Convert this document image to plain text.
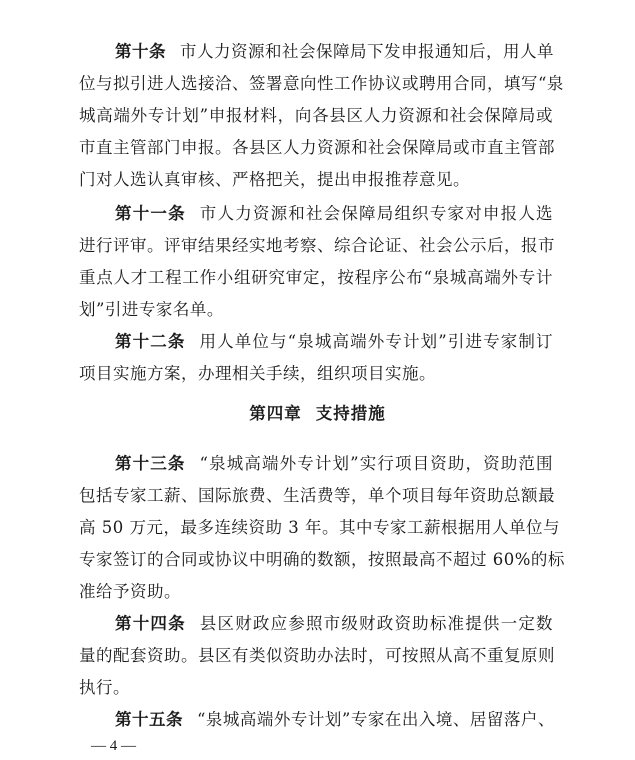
第十条 市人力资源和社会保障局下发申报通知后，用人单
位与拟引进人选接洽、签署意向性工作协议或聘用合同，填写“泉
城高端外专计划”申报材料，向各县区人力资源和社会保障局或
市直主管部门申报。各县区人力资源和社会保障局或市直主管部
门对人选认真审核、严格把关，提出申报推荐意见。
第十一条 市人力资源和社会保障局组织专家对申报人选
进行评审。评审结果经实地考察、综合论证、社会公示后，报市
重点人才工程工作小组研究审定，按程序公布“泉城高端外专计
划”引进专家名单。
第十二条 用人单位与“泉城高端外专计划”引进专家制订
项目实施方案，办理相关手续，组织项目实施。
第四章 支持措施
第十三条 “泉城高端外专计划”实行项目资助，资助范围
包括专家工薪、国际旅费、生活费等，单个项目每年资助总额最
高 50 万元，最多连续资助 3 年。其中专家工薪根据用人单位与
专家签订的合同或协议中明确的数额，按照最高不超过 60%的标
准给予资助。
第十四条 县区财政应参照市级财政资助标准提供一定数
量的配套资助。县区有类似资助办法时，可按照从高不重复原则
执行。
第十五条 “泉城高端外专计划”专家在出入境、居留落户、
— 4 —
